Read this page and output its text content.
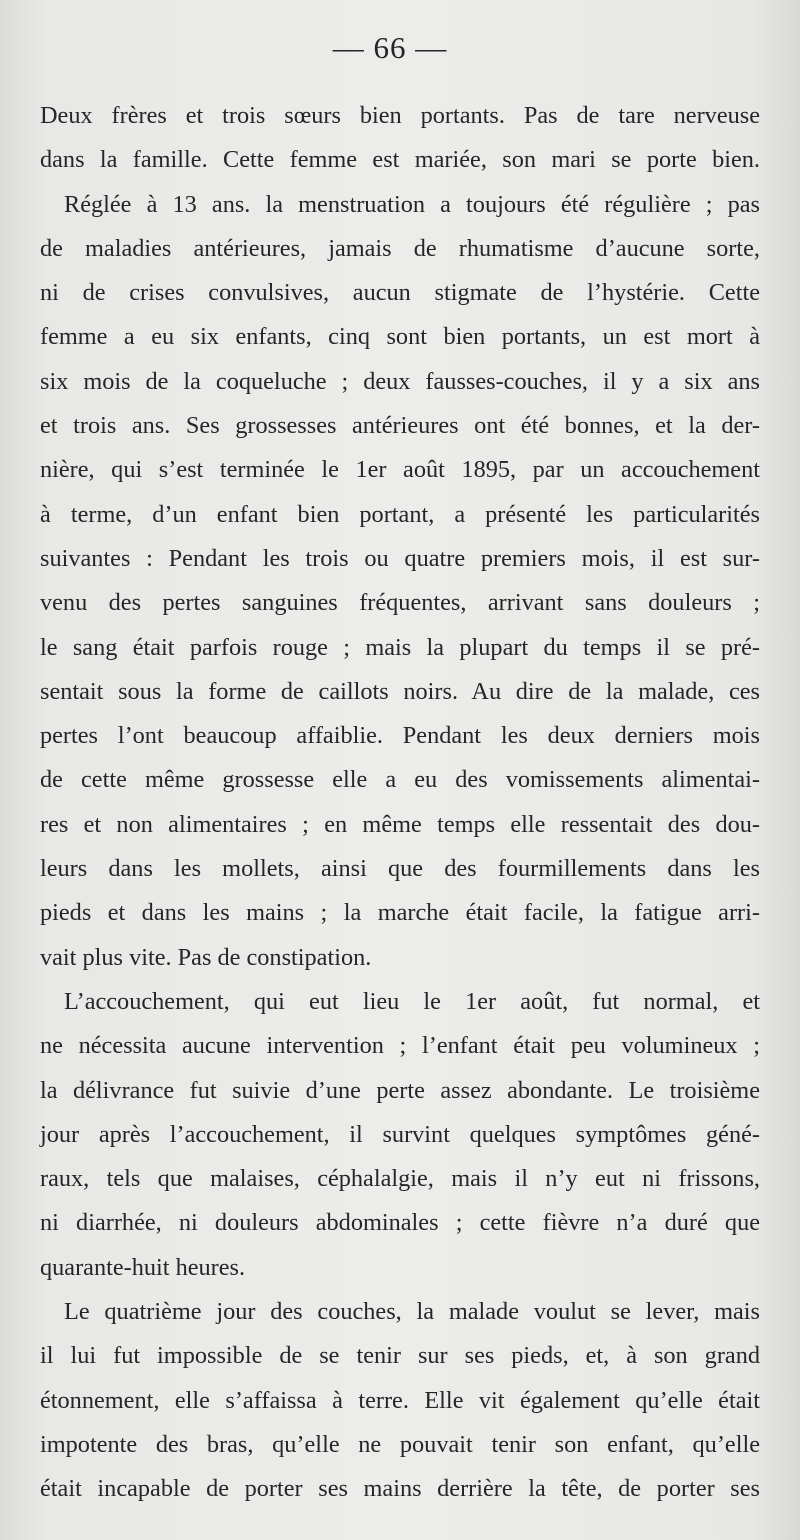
— 66 —
Deux frères et trois sœurs bien portants. Pas de tare nerveuse
dans la famille. Cette femme est mariée, son mari se porte bien.
Réglée à 13 ans. la menstruation a toujours été régulière ; pas
de maladies antérieures, jamais de rhumatisme d’aucune sorte,
ni de crises convulsives, aucun stigmate de l’hystérie. Cette
femme a eu six enfants, cinq sont bien portants, un est mort à
six mois de la coqueluche ; deux fausses-couches, il y a six ans
et trois ans. Ses grossesses antérieures ont été bonnes, et la der-
nière, qui s’est terminée le 1er août 1895, par un accouchement
à terme, d’un enfant bien portant, a présenté les particularités
suivantes : Pendant les trois ou quatre premiers mois, il est sur-
venu des pertes sanguines fréquentes, arrivant sans douleurs ;
le sang était parfois rouge ; mais la plupart du temps il se pré-
sentait sous la forme de caillots noirs. Au dire de la malade, ces
pertes l’ont beaucoup affaiblie. Pendant les deux derniers mois
de cette même grossesse elle a eu des vomissements alimentai-
res et non alimentaires ; en même temps elle ressentait des dou-
leurs dans les mollets, ainsi que des fourmillements dans les
pieds et dans les mains ; la marche était facile, la fatigue arri-
vait plus vite. Pas de constipation.
L’accouchement, qui eut lieu le 1er août, fut normal, et
ne nécessita aucune intervention ; l’enfant était peu volumineux ;
la délivrance fut suivie d’une perte assez abondante. Le troisième
jour après l’accouchement, il survint quelques symptômes géné-
raux, tels que malaises, céphalalgie, mais il n’y eut ni frissons,
ni diarrhée, ni douleurs abdominales ; cette fièvre n’a duré que
quarante-huit heures.
Le quatrième jour des couches, la malade voulut se lever, mais
il lui fut impossible de se tenir sur ses pieds, et, à son grand
étonnement, elle s’affaissa à terre. Elle vit également qu’elle était
impotente des bras, qu’elle ne pouvait tenir son enfant, qu’elle
était incapable de porter ses mains derrière la tête, de porter ses
